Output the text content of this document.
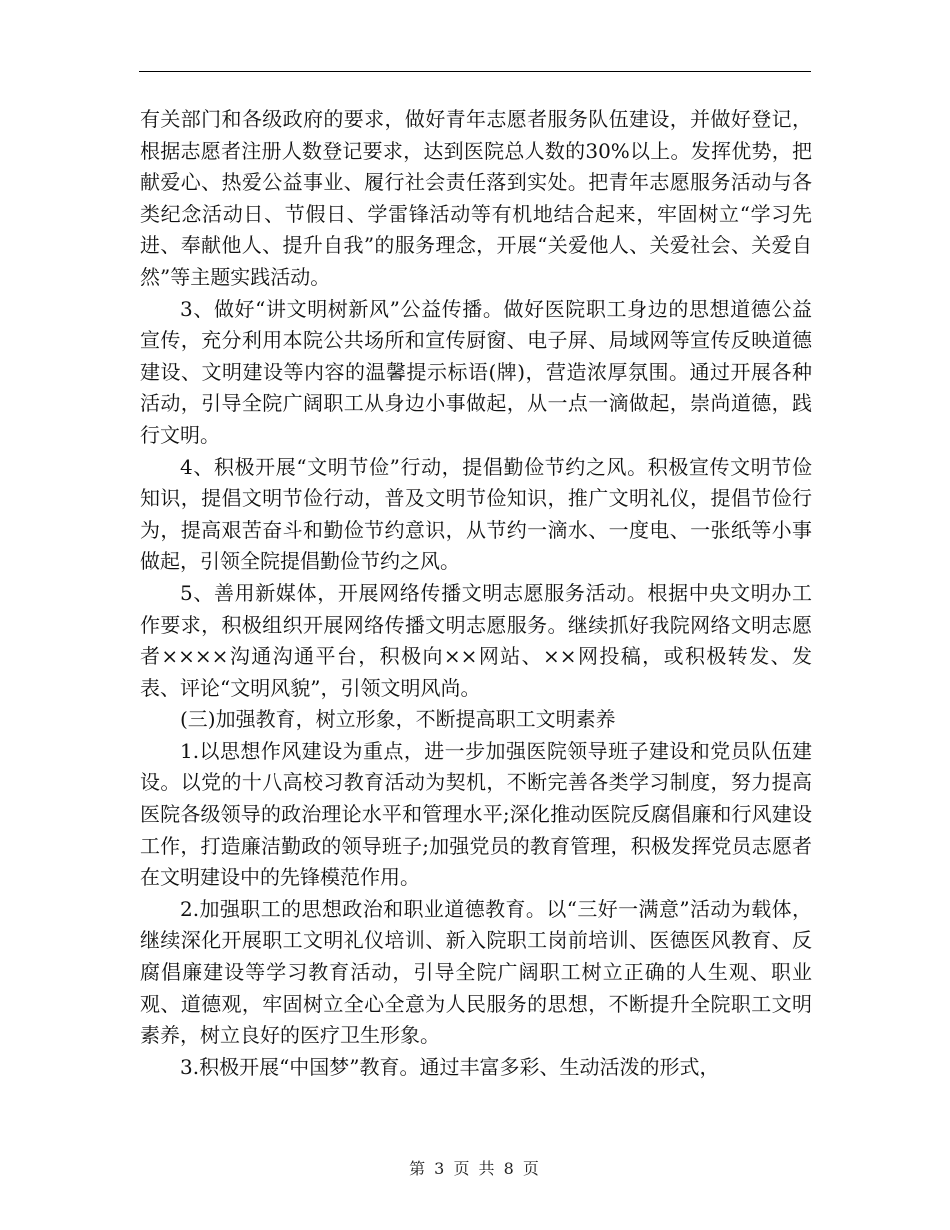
有关部门和各级政府的要求，做好青年志愿者服务队伍建设，并做好登记，根据志愿者注册人数登记要求，达到医院总人数的30%以上。发挥优势，把献爱心、热爱公益事业、履行社会责任落到实处。把青年志愿服务活动与各类纪念活动日、节假日、学雷锋活动等有机地结合起来，牢固树立“学习先进、奉献他人、提升自我”的服务理念，开展“关爱他人、关爱社会、关爱自然”等主题实践活动。

3、做好“讲文明树新风”公益传播。做好医院职工身边的思想道德公益宣传，充分利用本院公共场所和宣传厨窗、电子屏、局域网等宣传反映道德建设、文明建设等内容的温馨提示标语(牌)，营造浓厚氛围。通过开展各种活动，引导全院广阔职工从身边小事做起，从一点一滴做起，崇尚道德，践行文明。

4、积极开展“文明节俭”行动，提倡勤俭节约之风。积极宣传文明节俭知识，提倡文明节俭行动，普及文明节俭知识，推广文明礼仪，提倡节俭行为，提高艰苦奋斗和勤俭节约意识，从节约一滴水、一度电、一张纸等小事做起，引领全院提倡勤俭节约之风。

5、善用新媒体，开展网络传播文明志愿服务活动。根据中央文明办工作要求，积极组织开展网络传播文明志愿服务。继续抓好我院网络文明志愿者××××沟通沟通平台，积极向××网站、××网投稿，或积极转发、发表、评论“文明风貌”，引领文明风尚。

(三)加强教育，树立形象，不断提高职工文明素养

1.以思想作风建设为重点，进一步加强医院领导班子建设和党员队伍建设。以党的十八高校习教育活动为契机，不断完善各类学习制度，努力提高医院各级领导的政治理论水平和管理水平;深化推动医院反腐倡廉和行风建设工作，打造廉洁勤政的领导班子;加强党员的教育管理，积极发挥党员志愿者在文明建设中的先锋模范作用。

2.加强职工的思想政治和职业道德教育。以“三好一满意”活动为载体，继续深化开展职工文明礼仪培训、新入院职工岗前培训、医德医风教育、反腐倡廉建设等学习教育活动，引导全院广阔职工树立正确的人生观、职业观、道德观，牢固树立全心全意为人民服务的思想，不断提升全院职工文明素养，树立良好的医疗卫生形象。

3.积极开展“中国梦”教育。通过丰富多彩、生动活泼的形式，

第 3 页 共 8 页
